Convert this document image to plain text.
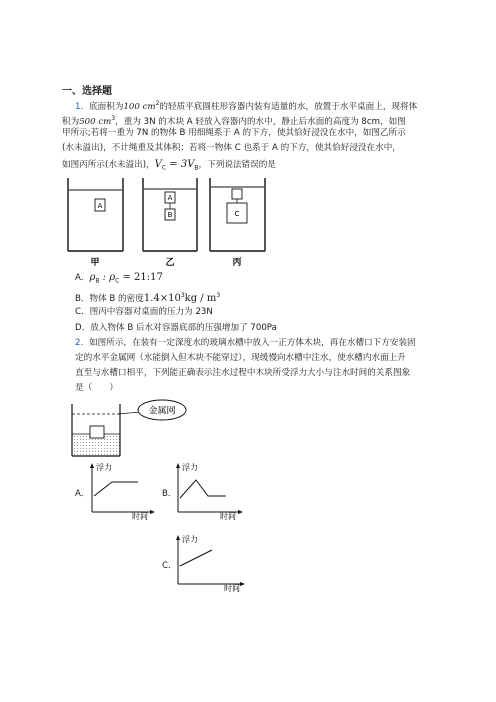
一、选择题
1．底面积为100 $cm^2$的轻质平底圆柱形容器内装有适量的水，放置于水平桌面上，现将体
积为500 $cm^3$，重为 3N 的木块 A 轻放入容器内的水中，静止后水面的高度为 8cm，如图
甲所示;若将一重为 7N 的物体 B 用细绳系于 A 的下方，使其恰好浸没在水中，如图乙所示
(水未溢出)，不计绳重及其体积；若将一物体 C 也系于 A 的下方，使其恰好浸没在水中，
如图丙所示(水未溢出)，$V_C = 3V_B$，下列说法错误的是
A
甲
A
B
乙
C
丙
A．$\rho_B$ : $\rho_C$ = 21:17
B．物体 B 的密度$1.4\times 10^3kg / m^3$
C．图丙中容器对桌面的压力为 23N
D．放入物体 B 后水对容器底部的压强增加了 700Pa
2．如图所示，在装有一定深度水的玻璃水槽中放入一正方体木块，再在水槽口下方安装固
定的水平金属网（水能倒入但木块不能穿过），现缓慢向水槽中注水，使水槽内水面上升
直至与水槽口相平，下列能正确表示注水过程中木块所受浮力大小与注水时间的关系图象
是（　　）
金属网
A．
浮力
时间
B．
浮力
时间
C．
浮力
时间
